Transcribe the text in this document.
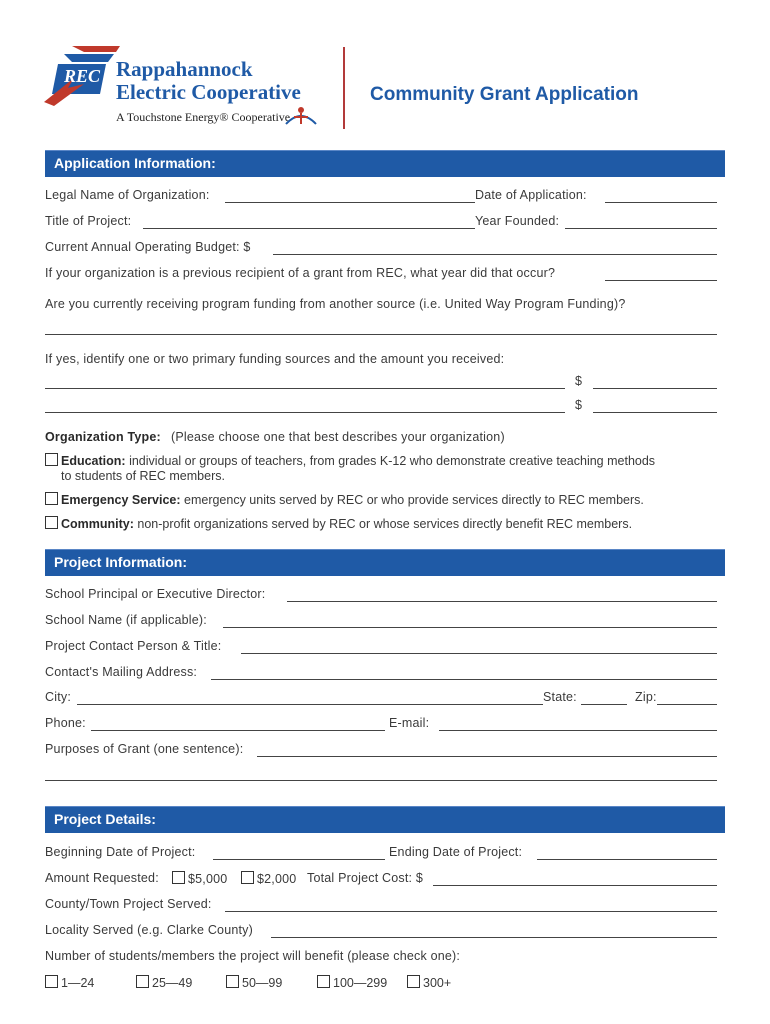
REC Rappahannock
Electric Cooperative
A Touchstone Energy® Cooperative
Community Grant Application
Application Information:
Legal Name of Organization:	Date of Application:
Title of Project:	Year Founded:
Current Annual Operating Budget: $
If your organization is a previous recipient of a grant from REC, what year did that occur?
Are you currently receiving program funding from another source (i.e. United Way Program Funding)?
If yes, identify one or two primary funding sources and the amount you received:
$
$
Organization Type: (Please choose one that best describes your organization)
Education: individual or groups of teachers, from grades K-12 who demonstrate creative teaching methods
to students of REC members.
Emergency Service: emergency units served by REC or who provide services directly to REC members.
Community: non-profit organizations served by REC or whose services directly benefit REC members.
Project Information:
School Principal or Executive Director:
School Name (if applicable):
Project Contact Person & Title:
Contact's Mailing Address:
City:	State:	Zip:
Phone:	E-mail:
Purposes of Grant (one sentence):
Project Details:
Beginning Date of Project:	Ending Date of Project:
Amount Requested:	$5,000	$2,000 Total Project Cost: $
County/Town Project Served:
Locality Served (e.g. Clarke County)
Number of students/members the project will benefit (please check one):
1—24	25—49	50—99	100—299	300+
